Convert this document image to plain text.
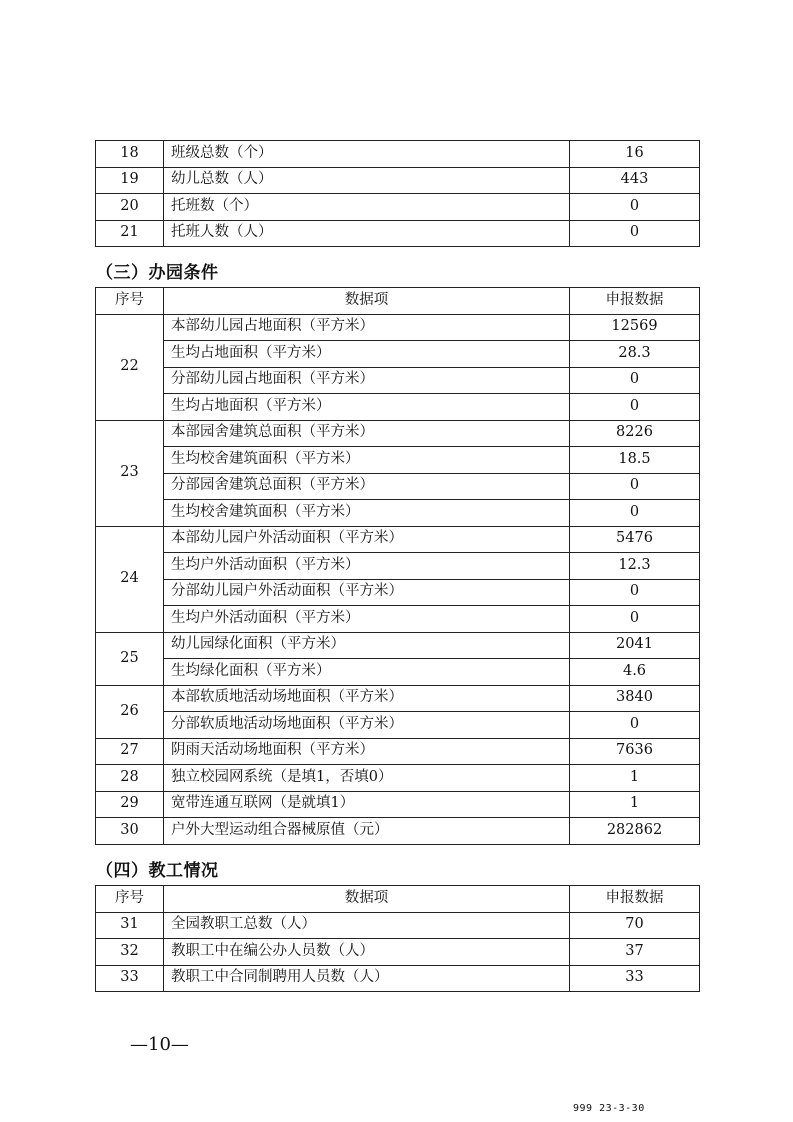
18	班级总数（个）	16
19	幼儿总数（人）	443
20	托班数（个）	0
21	托班人数（人）	0
（三）办园条件
序号	数据项	申报数据
22	本部幼儿园占地面积（平方米）	12569
	生均占地面积（平方米）	28.3
	分部幼儿园占地面积（平方米）	0
	生均占地面积（平方米）	0
23	本部园舍建筑总面积（平方米）	8226
	生均校舍建筑面积（平方米）	18.5
	分部园舍建筑总面积（平方米）	0
	生均校舍建筑面积（平方米）	0
24	本部幼儿园户外活动面积（平方米）	5476
	生均户外活动面积（平方米）	12.3
	分部幼儿园户外活动面积（平方米）	0
	生均户外活动面积（平方米）	0
25	幼儿园绿化面积（平方米）	2041
	生均绿化面积（平方米）	4.6
26	本部软质地活动场地面积（平方米）	3840
	分部软质地活动场地面积（平方米）	0
27	阴雨天活动场地面积（平方米）	7636
28	独立校园网系统（是填1，否填0）	1
29	宽带连通互联网（是就填1）	1
30	户外大型运动组合器械原值（元）	282862
（四）教工情况
序号	数据项	申报数据
31	全园教职工总数（人）	70
32	教职工中在编公办人员数（人）	37
33	教职工中合同制聘用人员数（人）	33
—10—
999 23-3-30
